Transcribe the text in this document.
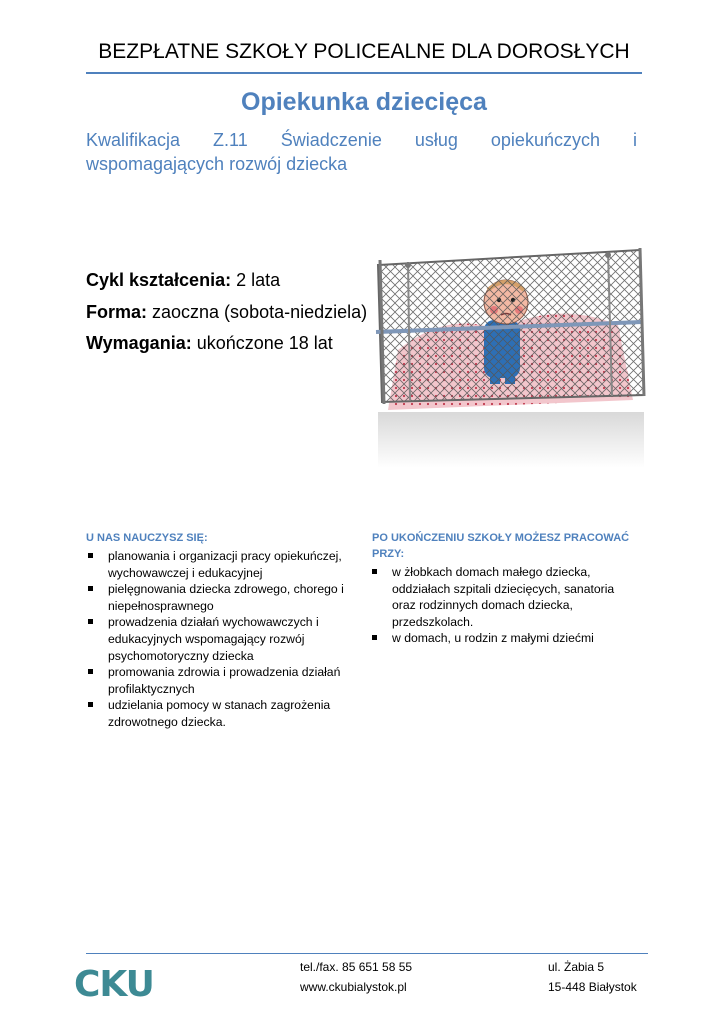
BEZPŁATNE SZKOŁY POLICEALNE DLA DOROSŁYCH
Opiekunka dziecięca
Kwalifikacja Z.11 Świadczenie usług opiekuńczych i wspomagających rozwój dziecka
Cykl kształcenia: 2 lata
Forma: zaoczna (sobota-niedziela)
Wymagania: ukończone 18 lat
U NAS NAUCZYSZ SIĘ:
planowania i organizacji pracy opiekuńczej, wychowawczej i edukacyjnej
pielęgnowania dziecka zdrowego, chorego i niepełnosprawnego
prowadzenia działań wychowawczych i edukacyjnych wspomagający rozwój psychomotoryczny dziecka
promowania zdrowia i prowadzenia działań profilaktycznych
udzielania pomocy w stanach zagrożenia zdrowotnego dziecka.
PO UKOŃCZENIU SZKOŁY MOŻESZ PRACOWAĆ PRZY:
w żłobkach domach małego dziecka, oddziałach szpitali dziecięcych, sanatoria oraz rodzinnych domach dziecka, przedszkolach.
w domach, u rodzin z małymi dziećmi
CKU	tel./fax. 85 651 58 55
www.ckubialystok.pl
ul. Żabia 5
15-448 Białystok
